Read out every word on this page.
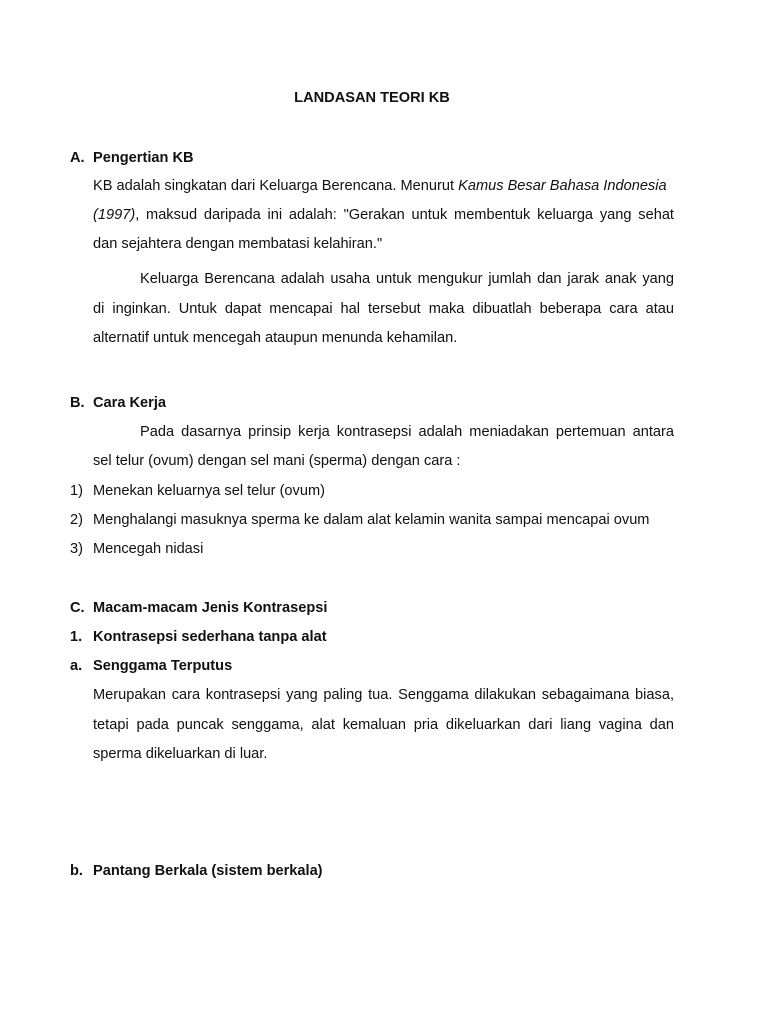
LANDASAN TEORI KB
A. Pengertian KB
KB adalah singkatan dari Keluarga Berencana. Menurut Kamus Besar Bahasa Indonesia
(1997), maksud daripada ini adalah: "Gerakan untuk membentuk keluarga yang sehat
dan sejahtera dengan membatasi kelahiran."
Keluarga Berencana adalah usaha untuk mengukur jumlah dan jarak anak yang
di inginkan. Untuk dapat mencapai hal tersebut maka dibuatlah beberapa cara atau
alternatif untuk mencegah ataupun menunda kehamilan.
B. Cara Kerja
Pada dasarnya prinsip kerja kontrasepsi adalah meniadakan pertemuan antara
sel telur (ovum) dengan sel mani (sperma) dengan cara :
1) Menekan keluarnya sel telur (ovum)
2) Menghalangi masuknya sperma ke dalam alat kelamin wanita sampai mencapai ovum
3) Mencegah nidasi
C. Macam-macam Jenis Kontrasepsi
1. Kontrasepsi sederhana tanpa alat
a. Senggama Terputus
Merupakan cara kontrasepsi yang paling tua. Senggama dilakukan sebagaimana biasa,
tetapi pada puncak senggama, alat kemaluan pria dikeluarkan dari liang vagina dan
sperma dikeluarkan di luar.
b. Pantang Berkala (sistem berkala)
